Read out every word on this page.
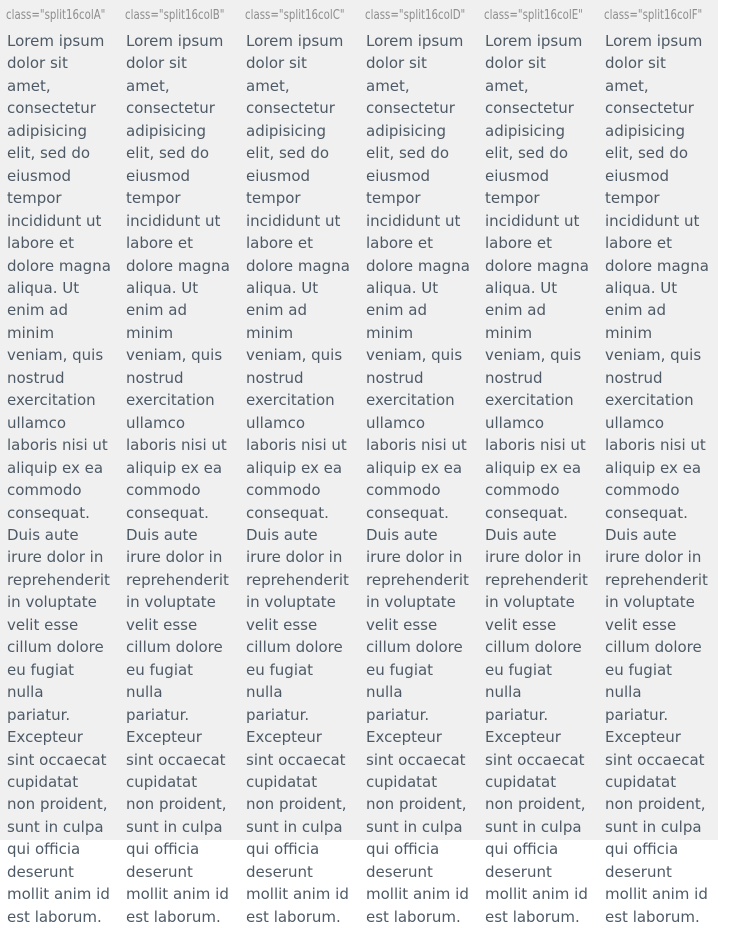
class="split16colA" class="split16colB" class="split16colC" class="split16colD" class="split16colE" class="split16colF"

Lorem ipsum dolor sit amet, consectetur adipisicing elit, sed do eiusmod tempor incididunt ut labore et dolore magna aliqua. Ut enim ad minim veniam, quis nostrud exercitation ullamco laboris nisi ut aliquip ex ea commodo consequat. Duis aute irure dolor in reprehenderit in voluptate velit esse cillum dolore eu fugiat nulla pariatur. Excepteur sint occaecat cupidatat non proident, sunt in culpa qui officia deserunt mollit anim id est laborum.

Lorem ipsum dolor sit amet, consectetur adipisicing elit, sed do eiusmod tempor incididunt ut labore et dolore magna aliqua. Ut enim ad minim veniam, quis nostrud exercitation ullamco laboris nisi ut aliquip ex ea commodo consequat. Duis aute irure dolor in reprehenderit in voluptate velit esse cillum dolore eu fugiat nulla pariatur. Excepteur sint occaecat cupidatat non proident, sunt in culpa qui officia deserunt mollit anim id est laborum.

Lorem ipsum dolor sit amet, consectetur adipisicing elit, sed do eiusmod tempor incididunt ut labore et dolore magna aliqua. Ut enim ad minim veniam, quis nostrud exercitation ullamco laboris nisi ut aliquip ex ea commodo consequat. Duis aute irure dolor in reprehenderit in voluptate velit esse cillum dolore eu fugiat nulla pariatur. Excepteur sint occaecat cupidatat non proident, sunt in culpa qui officia deserunt mollit anim id est laborum.

Lorem ipsum dolor sit amet, consectetur adipisicing elit, sed do eiusmod tempor incididunt ut labore et dolore magna aliqua. Ut enim ad minim veniam, quis nostrud exercitation ullamco laboris nisi ut aliquip ex ea commodo consequat. Duis aute irure dolor in reprehenderit in voluptate velit esse cillum dolore eu fugiat nulla pariatur. Excepteur sint occaecat cupidatat non proident, sunt in culpa qui officia deserunt mollit anim id est laborum.

Lorem ipsum dolor sit amet, consectetur adipisicing elit, sed do eiusmod tempor incididunt ut labore et dolore magna aliqua. Ut enim ad minim veniam, quis nostrud exercitation ullamco laboris nisi ut aliquip ex ea commodo consequat. Duis aute irure dolor in reprehenderit in voluptate velit esse cillum dolore eu fugiat nulla pariatur. Excepteur sint occaecat cupidatat non proident, sunt in culpa qui officia deserunt mollit anim id est laborum.

Lorem ipsum dolor sit amet, consectetur adipisicing elit, sed do eiusmod tempor incididunt ut labore et dolore magna aliqua. Ut enim ad minim veniam, quis nostrud exercitation ullamco laboris nisi ut aliquip ex ea commodo consequat. Duis aute irure dolor in reprehenderit in voluptate velit esse cillum dolore eu fugiat nulla pariatur. Excepteur sint occaecat cupidatat non proident, sunt in culpa qui officia deserunt mollit anim id est laborum.
